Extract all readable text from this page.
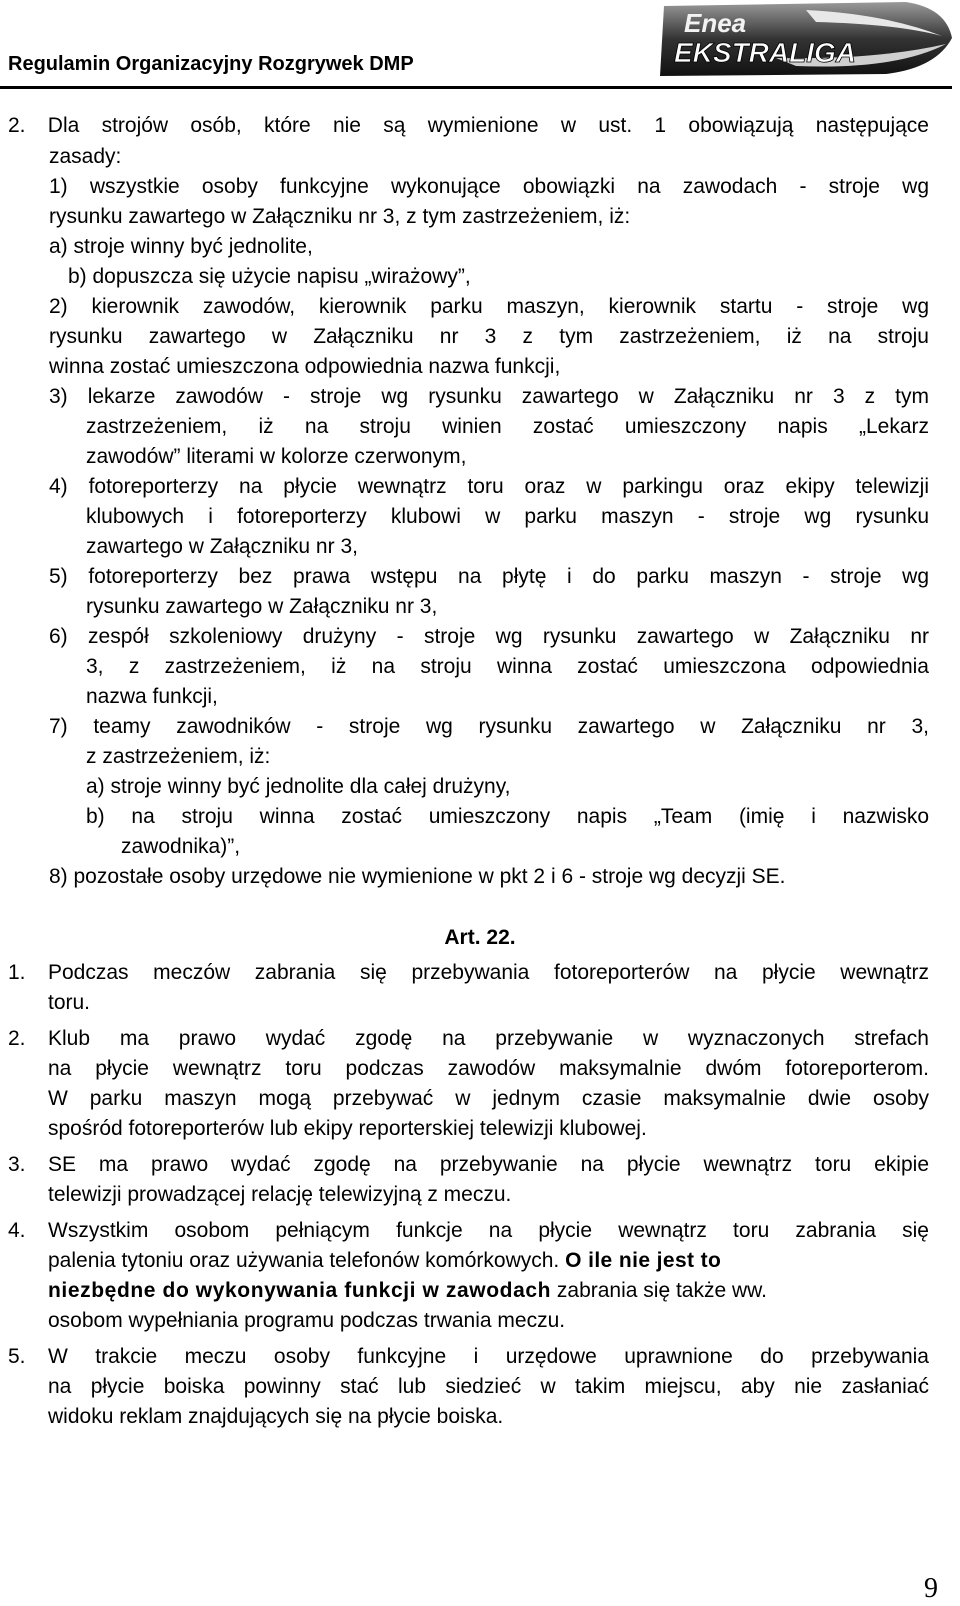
Regulamin Organizacyjny Rozgrywek DMP
Enea
EKSTRALIGA
2. Dla strojów osób, które nie są wymienione w ust. 1 obowiązują następujące
zasady:
1) wszystkie osoby funkcyjne wykonujące obowiązki na zawodach - stroje wg
rysunku zawartego w Załączniku nr 3, z tym zastrzeżeniem, iż:
a) stroje winny być jednolite,
b) dopuszcza się użycie napisu „wirażowy”,
2) kierownik zawodów, kierownik parku maszyn, kierownik startu - stroje wg
rysunku zawartego w Załączniku nr 3 z tym zastrzeżeniem, iż na stroju
winna zostać umieszczona odpowiednia nazwa funkcji,
3) lekarze zawodów - stroje wg rysunku zawartego w Załączniku nr 3 z tym
zastrzeżeniem, iż na stroju winien zostać umieszczony napis „Lekarz
zawodów” literami w kolorze czerwonym,
4) fotoreporterzy na płycie wewnątrz toru oraz w parkingu oraz ekipy telewizji
klubowych i fotoreporterzy klubowi w parku maszyn - stroje wg rysunku
zawartego w Załączniku nr 3,
5) fotoreporterzy bez prawa wstępu na płytę i do parku maszyn - stroje wg
rysunku zawartego w Załączniku nr 3,
6) zespół szkoleniowy drużyny - stroje wg rysunku zawartego w Załączniku nr
3, z zastrzeżeniem, iż na stroju winna zostać umieszczona odpowiednia
nazwa funkcji,
7) teamy zawodników - stroje wg rysunku zawartego w Załączniku nr 3,
z zastrzeżeniem, iż:
a) stroje winny być jednolite dla całej drużyny,
b) na stroju winna zostać umieszczony napis „Team (imię i nazwisko
zawodnika)”,
8) pozostałe osoby urzędowe nie wymienione w pkt 2 i 6 - stroje wg decyzji SE.
Art. 22.
1. Podczas meczów zabrania się przebywania fotoreporterów na płycie wewnątrz
toru.
2. Klub ma prawo wydać zgodę na przebywanie w wyznaczonych strefach
na płycie wewnątrz toru podczas zawodów maksymalnie dwóm fotoreporterom.
W parku maszyn mogą przebywać w jednym czasie maksymalnie dwie osoby
spośród fotoreporterów lub ekipy reporterskiej telewizji klubowej.
3. SE ma prawo wydać zgodę na przebywanie na płycie wewnątrz toru ekipie
telewizji prowadzącej relację telewizyjną z meczu.
4. Wszystkim osobom pełniącym funkcje na płycie wewnątrz toru zabrania się
palenia tytoniu oraz używania telefonów komórkowych. O ile nie jest to
niezbędne do wykonywania funkcji w zawodach zabrania się także ww.
osobom wypełniania programu podczas trwania meczu.
5. W trakcie meczu osoby funkcyjne i urzędowe uprawnione do przebywania
na płycie boiska powinny stać lub siedzieć w takim miejscu, aby nie zasłaniać
widoku reklam znajdujących się na płycie boiska.
9
